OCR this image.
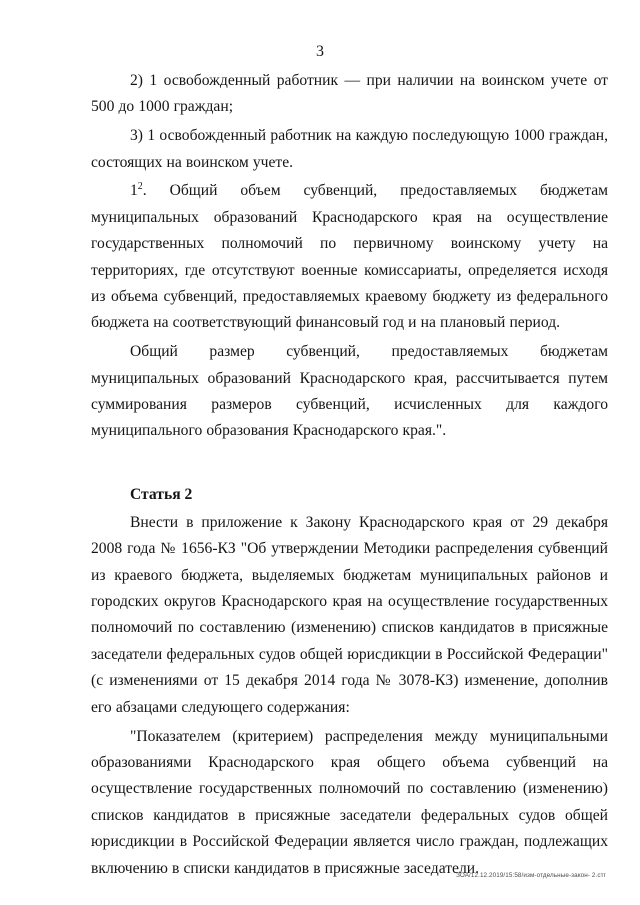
3

2) 1 освобожденный работник — при наличии на воинском учете от 500 до 1000 граждан;

3) 1 освобожденный работник на каждую последующую 1000 граждан, состоящих на воинском учете.

$1^2$. Общий объем субвенций, предоставляемых бюджетам муниципальных образований Краснодарского края на осуществление государственных полномочий по первичному воинскому учету на территориях, где отсутствуют военные комиссариаты, определяется исходя из объема субвенций, предоставляемых краевому бюджету из федерального бюджета на соответствующий финансовый год и на плановый период.

Общий размер субвенций, предоставляемых бюджетам муниципальных образований Краснодарского края, рассчитывается путем суммирования размеров субвенций, исчисленных для каждого муниципального образования Краснодарского края.".

Статья 2

Внести в приложение к Закону Краснодарского края от 29 декабря 2008 года № 1656-КЗ "Об утверждении Методики распределения субвенций из краевого бюджета, выделяемых бюджетам муниципальных районов и городских округов Краснодарского края на осуществление государственных полномочий по составлению (изменению) списков кандидатов в присяжные заседатели федеральных судов общей юрисдикции в Российской Федерации" (с изменениями от 15 декабря 2014 года № 3078-КЗ) изменение, дополнив его абзацами следующего содержания:

"Показателем (критерием) распределения между муниципальными образованиями Краснодарского края общего объема субвенций на осуществление государственных полномочий по составлению (изменению) списков кандидатов в присяжные заседатели федеральных судов общей юрисдикции в Российской Федерации является число граждан, подлежащих включению в списки кандидатов в присяжные заседатели.

ЗОА/12.12.2019/15:58/изм-отдельные-закон- 2.стг
